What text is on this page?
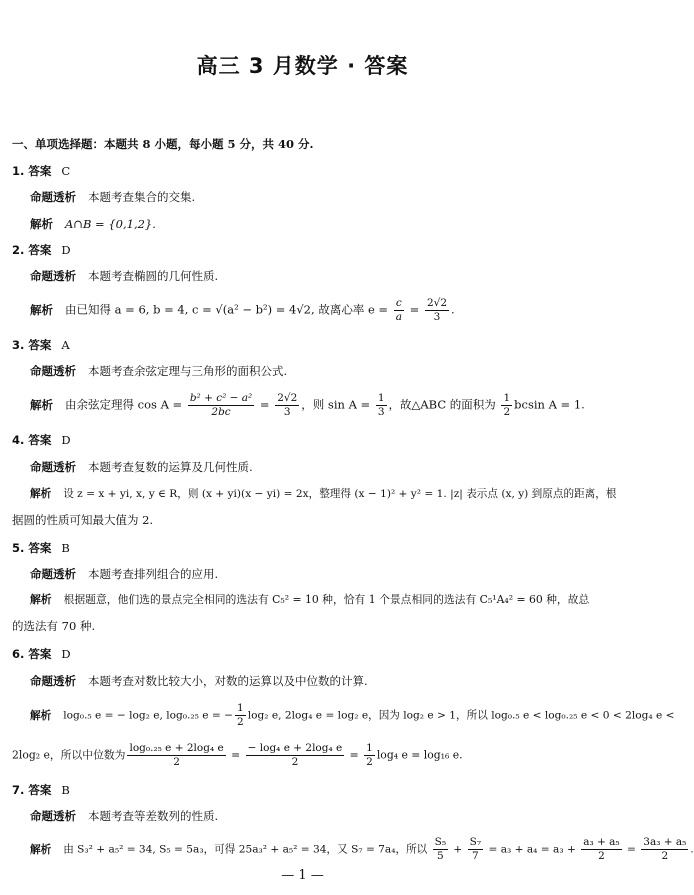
高三 3 月数学 · 答案
一、单项选择题：本题共 8 小题，每小题 5 分，共 40 分.
1. 答案 C
命题透析 本题考查集合的交集.
解析 A∩B = {0,1,2}.
2. 答案 D
命题透析 本题考查椭圆的几何性质.
解析 由已知得 a = 6, b = 4, c = √(a² − b²) = 4√2, 故离心率 $e = \frac{c}{a} = \frac{2√2}{3}$ .
3. 答案 A
命题透析 本题考查余弦定理与三角形的面积公式.
解析 由余弦定理得 $\cos A = \frac{\text{b² + c² − a²}}{2bc} = \frac{2√2}{3}$ ，则 $\sin A = \frac{1}{3}$ ，故△ABC 的面积为 $\frac{1}{2}$ bcsin A = 1.
4. 答案 D
命题透析 本题考查复数的运算及几何性质.
解析 设 z = x + yi, x, y ∈ R，则 (x + yi)(x − yi) = 2x，整理得 (x − 1)² + y² = 1. |z| 表示点 (x, y) 到原点的距离，根
据圆的性质可知最大值为 2.
5. 答案 B
命题透析 本题考查排列组合的应用.
解析 根据题意，他们选的景点完全相同的选法有 C₅² = 10 种，恰有 1 个景点相同的选法有 C₅¹A₄² = 60 种，故总
的选法有 70 种.
6. 答案 D
命题透析 本题考查对数比较大小，对数的运算以及中位数的计算.
解析 log₀.₅ e = − log₂ e, log₀.₂₅ e = − $\frac{1}{2} \log_2$ e, 2log₄ e = log₂ e，因为 log₂ e > 1，所以 log₀.₅ e < log₀.₂₅ e < 0 < 2log₄ e <
2log₂ e，所以中位数为 $\frac{\text{log₀.₂₅ e + 2log₄ e}}{2} = \frac{\text{− log₄ e + 2log₄ e}}{2} = \frac{1}{2} \log_4$ e = log₁₆ e.
7. 答案 B
命题透析 本题考查等差数列的性质.
解析 由 S₃² + a₅² = 34, S₅ = 5a₃，可得 25a₃² + a₅² = 34，又 S₇ = 7a₄，所以 $\frac{\text{S₅}}{5} + \frac{\text{S₇}}{7} = a_3 + a_4 = a_3 + \frac{\text{a₃ + a₅}}{2} = \frac{\text{3a₃ + a₅}}{2}$ .
— 1 —
